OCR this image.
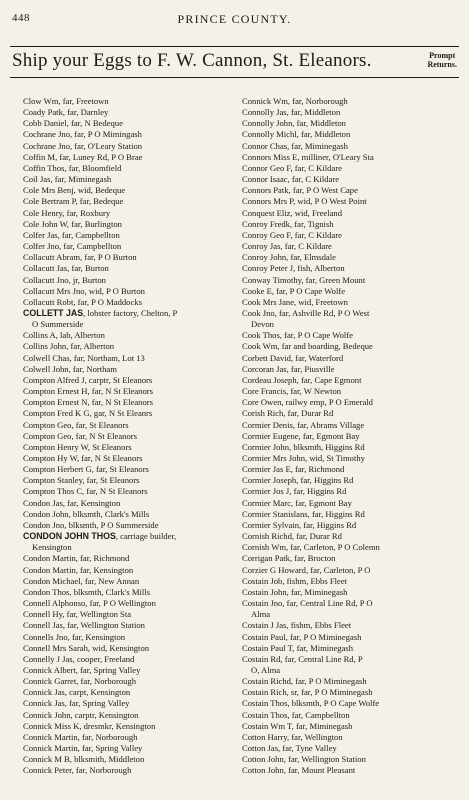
448	PRINCE COUNTY.
Ship your Eggs to F. W. Cannon, St. Eleanors.	Prompt
Returns.
Clow Wm, far, Freetown
Coady Patk, far, Darnley
Cobb Daniel, far, N Bedeque
Cochrane Jno, far, P O Mimingash
Cochrane Jno, far, O'Leary Station
Coffin M, far, Luney Rd, P O Brae
Coffin Thos, far, Bloomfield
Coil Jas, far, Miminegash
Cole Mrs Benj, wid, Bedeque
Cole Bertram P, far, Bedeque
Cole Henry, far, Roxbury
Cole John W, far, Burlington
Colfer Jas, far, Campbellton
Colfer Jno, far, Campbellton
Collacutt Abram, far, P O Burton
Collacutt Jas, far, Burton
Collacutt Jno, jr, Burton
Collacutt Mrs Jno, wid, P O Burton
Collacutt Robt, far, P O Maddocks
COLLETT JAS, lobster factory, Chelton, P
O Summerside
Collins A, lab, Alberton
Collins John, far, Alberton
Colwell Chas, far, Northam, Lot 13
Colwell John, far, Northam
Compton Alfred J, carptr, St Eleanors
Compton Ernest H, far, N St Eleanors
Compton Ernest N, far, N St Eleanors
Compton Fred K G, gar, N St Eleanrs
Compton Geo, far, St Eleanors
Compton Geo, far, N St Eleanors
Compton Henry W, St Eleanors
Compton Hy W, far, N St Eleanors
Compton Herbert G, far, St Eleanors
Compton Stanley, far, St Eleanors
Compton Thos C, far, N St Eleanors
Condon Jas, far, Kensington
Condon John, blksmth, Clark's Mills
Condon Jno, blksmth, P O Summerside
CONDON JOHN THOS, carriage builder,
Kensington
Condon Martin, far, Richmond
Condon Martin, far, Kensington
Condon Michael, far, New Annan
Condon Thos, blksmth, Clark's Mills
Connell Alphonso, far, P O Wellington
Connell Hy, far, Wellington Sta
Connell Jas, far, Wellington Station
Connells Jno, far, Kensington
Connell Mrs Sarah, wid, Kensington
Connelly J Jas, cooper, Freeland
Connick Albert, far, Spring Valley
Connick Garret, far, Norborough
Connick Jas, carpt, Kensington
Connick Jas, far, Spring Valley
Connick John, carptr, Kensington
Connick Miss K, dresmkr, Kensington
Connick Martin, far, Norborough
Connick Martin, far, Spring Valley
Connick M B, blksmith, Middleton
Connick Peter, far, Norborough
Connick Wm, far, Norborough
Connolly Jas, far, Middleton
Connolly John, far, Middleton
Connolly Michl, far, Middleton
Connor Chas, far, Miminegash
Connors Miss E, milliner, O'Leary Sta
Connor Geo F, far, C Kildare
Connor Isaac, far, C Kildare
Connors Patk, far, P O West Cape
Connors Mrs P, wid, P O West Point
Conquest Eliz, wid, Freeland
Conroy Fredk, far, Tignish
Conroy Geo F, far, C Kildare
Conroy Jas, far, C Kildare
Conroy John, far, Elmsdale
Conroy Peter J, fish, Alberton
Conway Timothy, far, Green Mount
Cooke E, far, P O Cape Wolfe
Cook Mrs Jane, wid, Freetown
Cook Jno, far, Ashville Rd, P O West
Devon
Cook Thos, far, P O Cape Wolfe
Cook Wm, far and boarding, Bedeque
Corbett David, far, Waterford
Corcoran Jas, far, Piusville
Cordeau Joseph, far, Cape Egmont
Core Francis, far, W Newton
Core Owen, railwy emp, P O Emerald
Corish Rich, far, Durar Rd
Cormier Denis, far, Abrams Village
Cormier Eugene, far, Egmont Bay
Cormier John, blksmth, Higgins Rd
Cormier Mrs John, wid, St Timothy
Cormier Jas E, far, Richmond
Cormier Joseph, far, Higgins Rd
Cormier Jos J, far, Higgins Rd
Cormier Marc, far, Egmont Bay
Cormier Stanislans, far, Higgins Rd
Cormier Sylvain, far, Higgins Rd
Cornish Richd, far, Durar Rd
Cornish Wm, far, Carleton, P O Colemn
Corrigan Patk, far, Brocton
Corzier G Howard, far, Carleton, P O
Costain Job, fishm, Ebbs Fleet
Costain John, far, Miminegash
Costain Jno, far, Central Line Rd, P O
Alma
Costain J Jas, fishm, Ebbs Fleet
Costain Paul, far, P O Miminegash
Costain Paul T, far, Miminegash
Costain Rd, far, Central Line Rd, P
O, Alma
Costain Richd, far, P O Miminegash
Costain Rich, sr, far, P O Miminegash
Costain Thos, blksmth, P O Cape Wolfe
Costain Thos, far, Campbellton
Costain Wm T, far, Miminegash
Cotton Harry, far, Wellington
Cotton Jas, far, Tyne Valley
Cotton John, far, Wellington Station
Cotton John, far, Mount Pleasant
